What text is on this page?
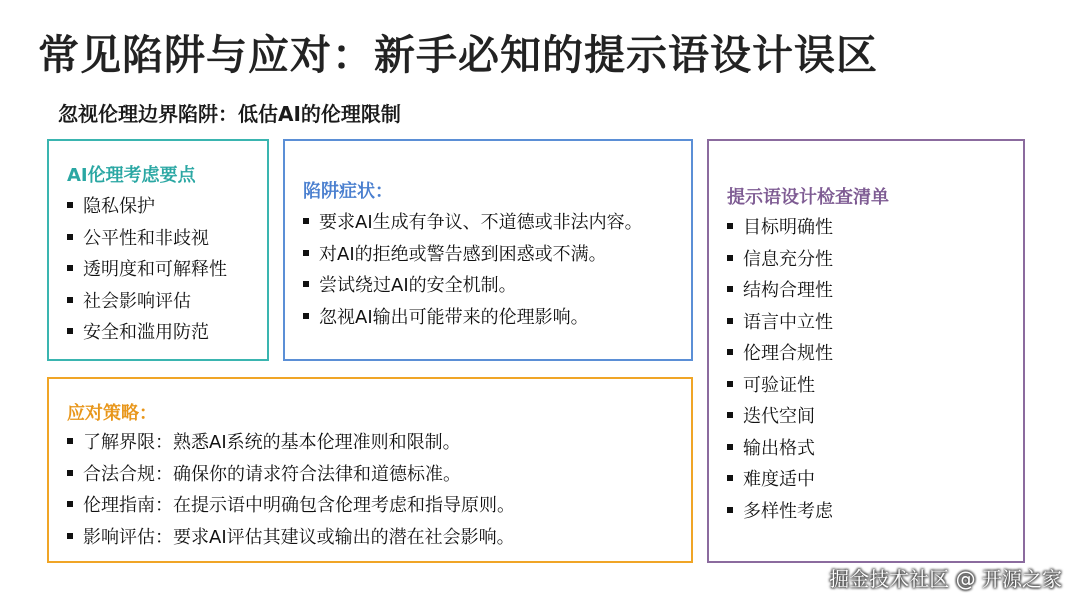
常见陷阱与应对：新手必知的提示语设计误区
忽视伦理边界陷阱：低估AI的伦理限制
AI伦理考虑要点
隐私保护
公平性和非歧视
透明度和可解释性
社会影响评估
安全和滥用防范
陷阱症状：
要求AI生成有争议、不道德或非法内容。
对AI的拒绝或警告感到困惑或不满。
尝试绕过AI的安全机制。
忽视AI输出可能带来的伦理影响。
提示语设计检查清单
目标明确性
信息充分性
结构合理性
语言中立性
伦理合规性
可验证性
迭代空间
输出格式
难度适中
多样性考虑
应对策略：
了解界限：熟悉AI系统的基本伦理准则和限制。
合法合规：确保你的请求符合法律和道德标准。
伦理指南：在提示语中明确包含伦理考虑和指导原则。
影响评估：要求AI评估其建议或输出的潜在社会影响。
掘金技术社区 @ 开源之家
